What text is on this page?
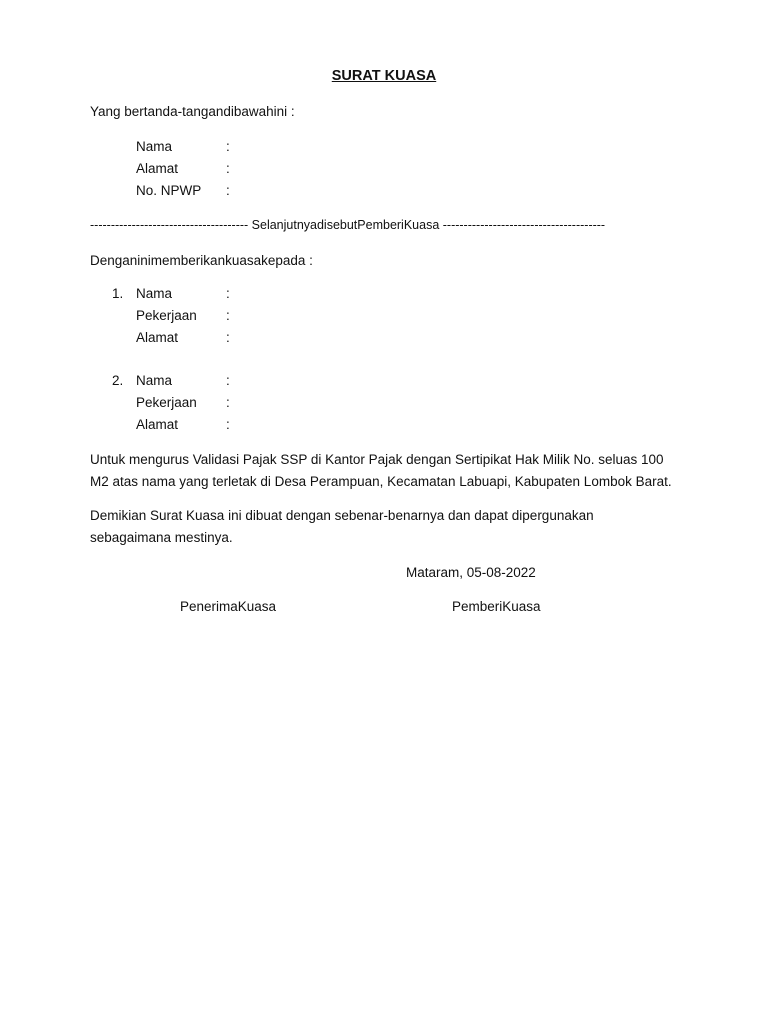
SURAT KUASA
Yang bertanda-tangandibawahini :
Nama	:
Alamat	:
No. NPWP :
-------------------------------------- SelanjutnyadisebutPemberiKuasa ---------------------------------------
Denganinimemberikankuasakepada :
1. Nama	:
Pekerjaan :
Alamat	:
2. Nama	:
Pekerjaan :
Alamat	:
Untuk mengurus Validasi Pajak SSP di Kantor Pajak dengan Sertipikat Hak Milik No. seluas 100
M2 atas nama yang terletak di Desa Perampuan, Kecamatan Labuapi, Kabupaten Lombok Barat.
Demikian Surat Kuasa ini dibuat dengan sebenar-benarnya dan dapat dipergunakan
sebagaimana mestinya.
Mataram, 05-08-2022
PenerimaKuasa	PemberiKuasa
